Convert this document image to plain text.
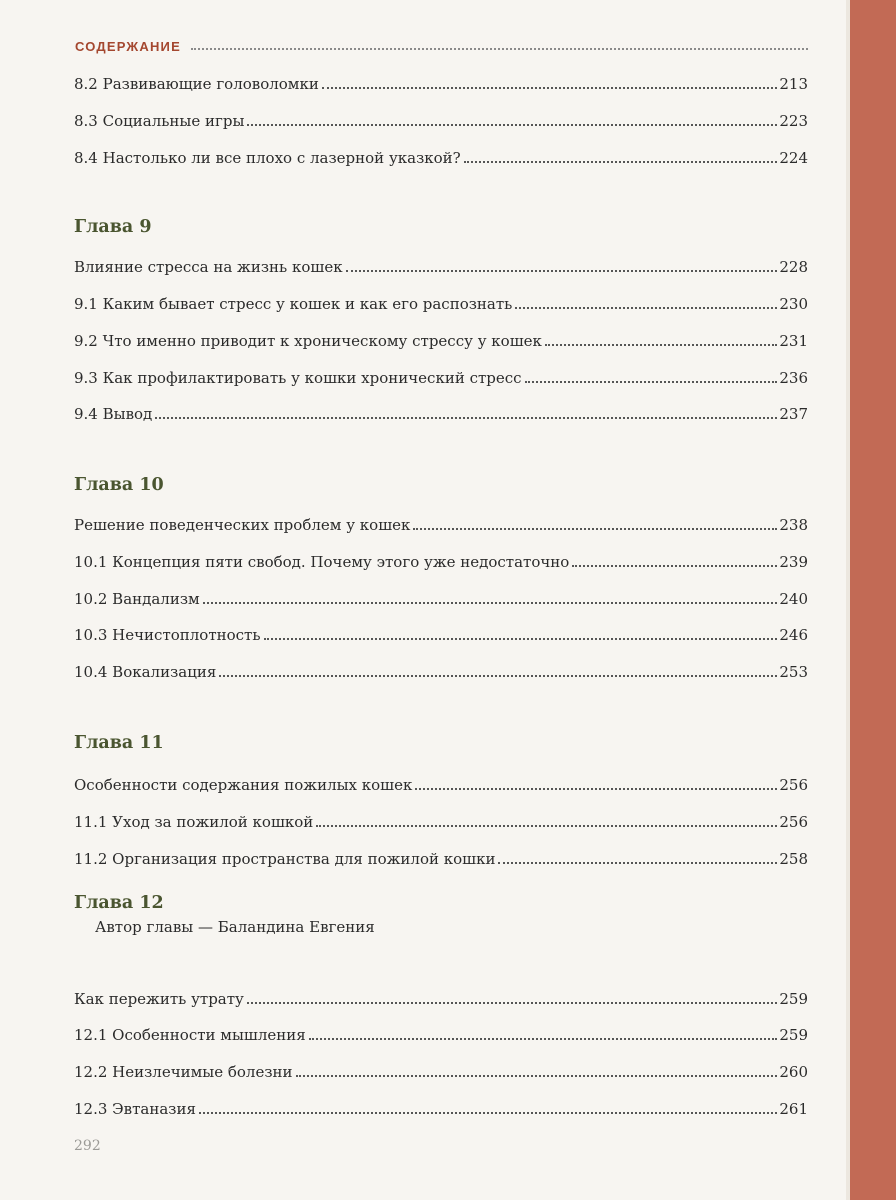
СОДЕРЖАНИЕ
8.2 Развивающие головоломки	213
8.3 Социальные игры	223
8.4 Настолько ли все плохо с лазерной указкой?	224
Глава 9
Влияние стресса на жизнь кошек	228
9.1 Каким бывает стресс у кошек и как его распознать	230
9.2 Что именно приводит к хроническому стрессу у кошек	231
9.3 Как профилактировать у кошки хронический стресс	236
9.4 Вывод	237
Глава 10
Решение поведенческих проблем у кошек	238
10.1 Концепция пяти свобод. Почему этого уже недостаточно	239
10.2 Вандализм	240
10.3 Нечистоплотность	246
10.4 Вокализация	253
Глава 11
Особенности содержания пожилых кошек	256
11.1 Уход за пожилой кошкой	256
11.2 Организация пространства для пожилой кошки	258
Глава 12
Автор главы — Баландина Евгения
Как пережить утрату	259
12.1 Особенности мышления	259
12.2 Неизлечимые болезни	260
12.3 Эвтаназия	261
292
